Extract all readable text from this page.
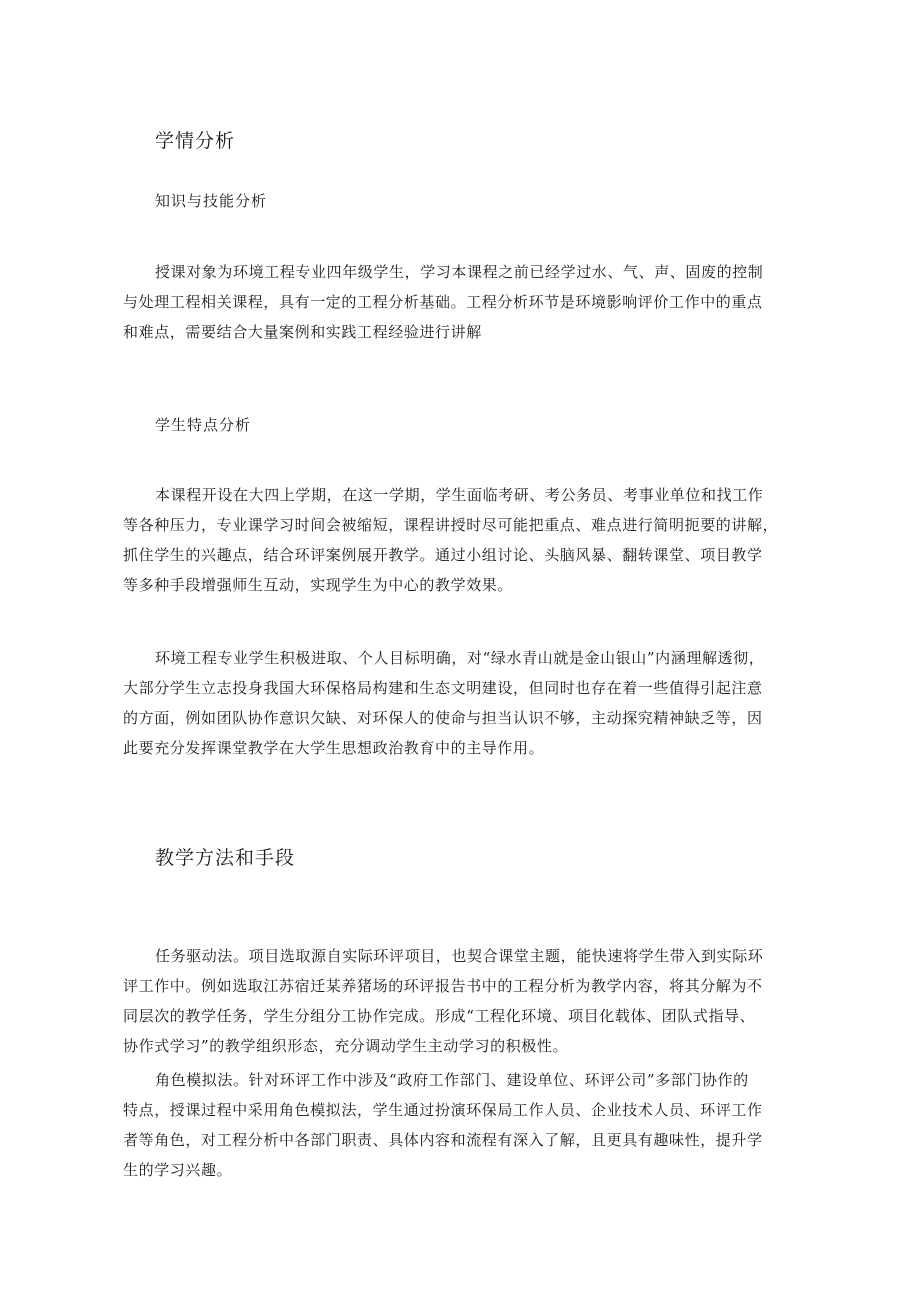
学情分析
知识与技能分析
授课对象为环境工程专业四年级学生，学习本课程之前已经学过水、气、声、固废的控制
与处理工程相关课程，具有一定的工程分析基础。工程分析环节是环境影响评价工作中的重点
和难点，需要结合大量案例和实践工程经验进行讲解
学生特点分析
本课程开设在大四上学期，在这一学期，学生面临考研、考公务员、考事业单位和找工作
等各种压力，专业课学习时间会被缩短，课程讲授时尽可能把重点、难点进行简明扼要的讲解，
抓住学生的兴趣点，结合环评案例展开教学。通过小组讨论、头脑风暴、翻转课堂、项目教学
等多种手段增强师生互动，实现学生为中心的教学效果。
环境工程专业学生积极进取、个人目标明确，对“绿水青山就是金山银山”内涵理解透彻，
大部分学生立志投身我国大环保格局构建和生态文明建设，但同时也存在着一些值得引起注意
的方面，例如团队协作意识欠缺、对环保人的使命与担当认识不够，主动探究精神缺乏等，因
此要充分发挥课堂教学在大学生思想政治教育中的主导作用。
教学方法和手段
任务驱动法。项目选取源自实际环评项目，也契合课堂主题，能快速将学生带入到实际环
评工作中。例如选取江苏宿迁某养猪场的环评报告书中的工程分析为教学内容，将其分解为不
同层次的教学任务，学生分组分工协作完成。形成“工程化环境、项目化载体、团队式指导、
协作式学习”的教学组织形态，充分调动学生主动学习的积极性。
角色模拟法。针对环评工作中涉及“政府工作部门、建设单位、环评公司”多部门协作的
特点，授课过程中采用角色模拟法，学生通过扮演环保局工作人员、企业技术人员、环评工作
者等角色，对工程分析中各部门职责、具体内容和流程有深入了解，且更具有趣味性，提升学
生的学习兴趣。
